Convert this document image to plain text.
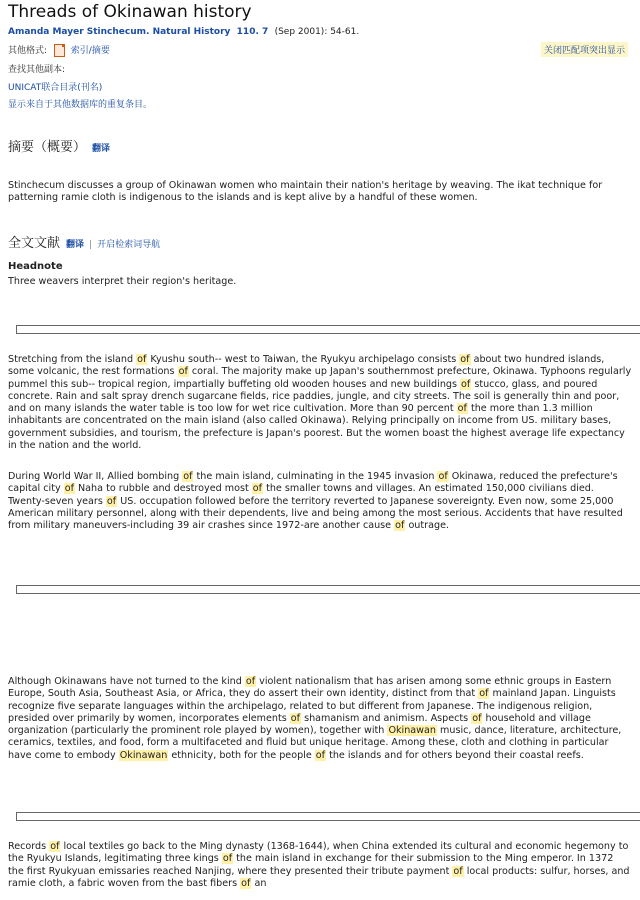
Threads of Okinawan history
Amanda Mayer Stinchecum. Natural History 110. 7 (Sep 2001): 54-61.
其他格式:	索引/摘要	关闭匹配项突出显示
查找其他副本:
UNICAT联合目录(刊名)
显示来自于其他数据库的重复条目。
摘要（概要） 翻译

Stinchecum discusses a group of Okinawan women who maintain their nation's heritage by weaving. The ikat technique for patterning ramie cloth is indigenous to the islands and is kept alive by a handful of these women.

全文文献 翻译 | 开启检索词导航
Headnote

Three weavers interpret their region's heritage.

Stretching from the island of Kyushu south-- west to Taiwan, the Ryukyu archipelago consists of about two hundred islands, some volcanic, the rest formations of coral. The majority make up Japan's southernmost prefecture, Okinawa. Typhoons regularly pummel this sub-- tropical region, impartially buffeting old wooden houses and new buildings of stucco, glass, and poured concrete. Rain and salt spray drench sugarcane fields, rice paddies, jungle, and city streets. The soil is generally thin and poor, and on many islands the water table is too low for wet rice cultivation. More than 90 percent of the more than 1.3 million inhabitants are concentrated on the main island (also called Okinawa). Relying principally on income from US. military bases, government subsidies, and tourism, the prefecture is Japan's poorest. But the women boast the highest average life expectancy in the nation and the world.

During World War II, Allied bombing of the main island, culminating in the 1945 invasion of Okinawa, reduced the prefecture's capital city of Naha to rubble and destroyed most of the smaller towns and villages. An estimated 150,000 civilians died. Twenty-seven years of US. occupation followed before the territory reverted to Japanese sovereignty. Even now, some 25,000 American military personnel, along with their dependents, live and being among the most serious. Accidents that have resulted from military maneuvers-including 39 air crashes since 1972-are another cause of outrage.

Although Okinawans have not turned to the kind of violent nationalism that has arisen among some ethnic groups in Eastern Europe, South Asia, Southeast Asia, or Africa, they do assert their own identity, distinct from that of mainland Japan. Linguists recognize five separate languages within the archipelago, related to but different from Japanese. The indigenous religion, presided over primarily by women, incorporates elements of shamanism and animism. Aspects of household and village organization (particularly the prominent role played by women), together with Okinawan music, dance, literature, architecture, ceramics, textiles, and food, form a multifaceted and fluid but unique heritage. Among these, cloth and clothing in particular have come to embody Okinawan ethnicity, both for the people of the islands and for others beyond their coastal reefs.

Records of local textiles go back to the Ming dynasty (1368-1644), when China extended its cultural and economic hegemony to the Ryukyu Islands, legitimating three kings of the main island in exchange for their submission to the Ming emperor. In 1372 the first Ryukyuan emissaries reached Nanjing, where they presented their tribute payment of local products: sulfur, horses, and ramie cloth, a fabric woven from the bast fibers of an
